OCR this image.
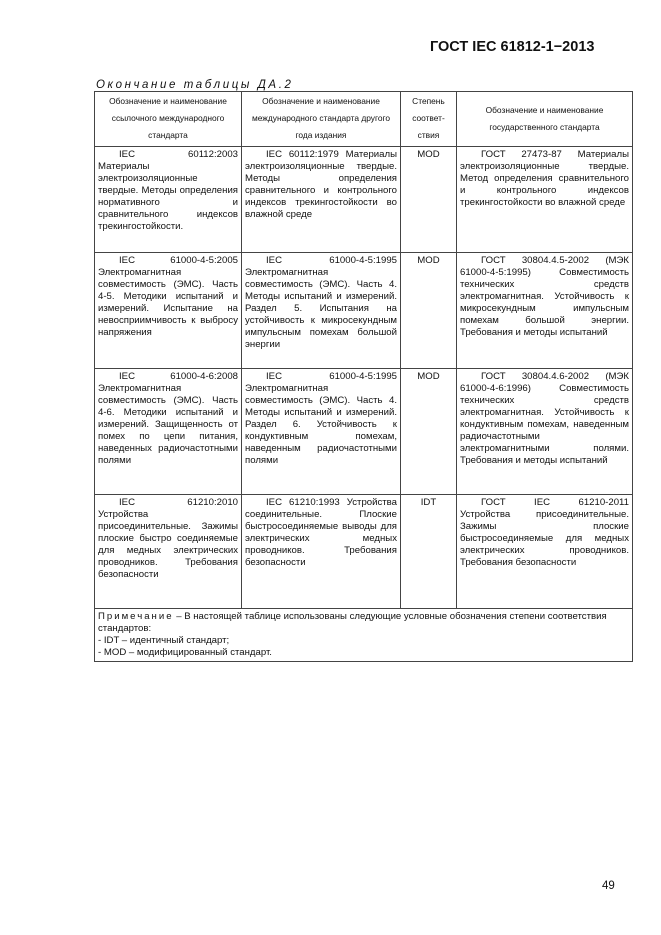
ГОСТ IEC 61812-1−2013
Окончание таблицы ДА.2
Обозначение и наименование ссылочного международного стандарта	Обозначение и наименование международного стандарта другого года издания	Степень соответ-ствия	Обозначение и наименование государственного стандарта

IEC 60112:2003 Материалы электроизоляционные твердые. Методы определения нормативного и сравнительного индексов трекингостойкости.	IEC 60112:1979 Материалы электроизоляционные твердые. Методы определения сравнительного и контрольного индексов трекингостойкости во влажной среде	MOD	ГОСТ 27473-87 Материалы электроизоляционные твердые. Метод определения сравнительного и контрольного индексов трекингостойкости во влажной среде

IEC 61000-4-5:2005 Электромагнитная совместимость (ЭМС). Часть 4-5. Методики испытаний и измерений. Испытание на невосприимчивость к выбросу напряжения	IEC 61000-4-5:1995 Электромагнитная совместимость (ЭМС). Часть 4. Методы испытаний и измерений. Раздел 5. Испытания на устойчивость к микросекундным импульсным помехам большой энергии	MOD	ГОСТ 30804.4.5-2002 (МЭК 61000-4-5:1995) Совместимость технических средств электромагнитная. Устойчивость к микросекундным импульсным помехам большой энергии. Требования и методы испытаний

IEC 61000-4-6:2008 Электромагнитная совместимость (ЭМС). Часть 4-6. Методики испытаний и измерений. Защищенность от помех по цепи питания, наведенных радиочастотными полями	IEC 61000-4-5:1995 Электромагнитная совместимость (ЭМС). Часть 4. Методы испытаний и измерений. Раздел 6. Устойчивость к кондуктивным помехам, наведенным радиочастотными полями	MOD	ГОСТ 30804.4.6-2002 (МЭК 61000-4-6:1996) Совместимость технических средств электромагнитная. Устойчивость к кондуктивным помехам, наведенным радиочастотными электромагнитными полями. Требования и методы испытаний

IEC 61210:2010 Устройства присоединительные. Зажимы плоские быстро соединяемые для медных электрических проводников. Требования безопасности	IEC 61210:1993 Устройства соединительные. Плоские быстросоединяемые выводы для электрических медных проводников. Требования безопасности	IDT	ГОСТ IEC 61210-2011 Устройства присоединительные. Зажимы плоские быстросоединяемые для медных электрических проводников. Требования безопасности

Примечание – В настоящей таблице использованы следующие условные обозначения степени соответствия стандартов:
- IDT – идентичный стандарт;
- MOD – модифицированный стандарт.			
49
